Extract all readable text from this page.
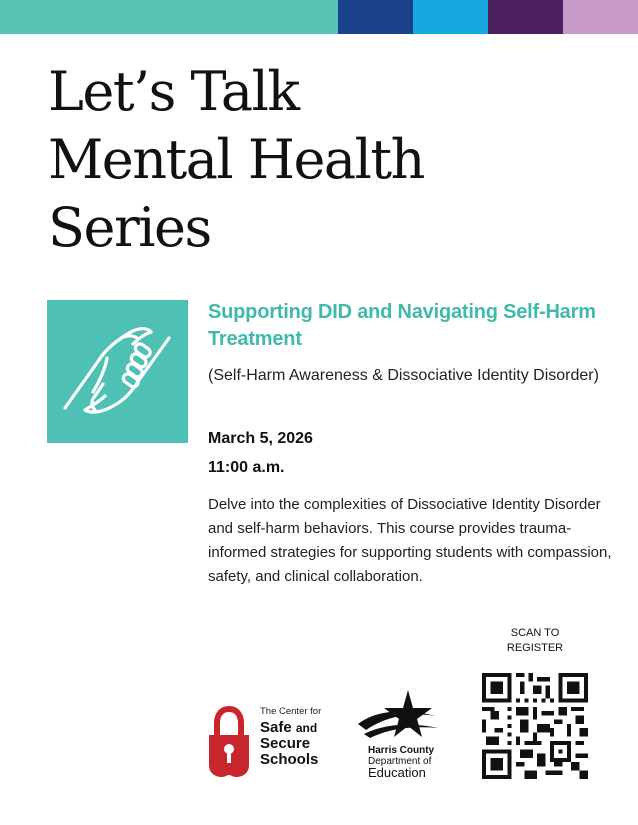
Let’s Talk
Mental Health
Series
Supporting DID and Navigating Self-Harm Treatment

(Self-Harm Awareness & Dissociative Identity Disorder)

March 5, 2026
11:00 a.m.

Delve into the complexities of Dissociative Identity Disorder and self-harm behaviors. This course provides trauma-informed strategies for supporting students with compassion, safety, and clinical collaboration.

SCAN TO
REGISTER
The Center for
Safe and
Secure
Schools	Harris County
Department of
Education
